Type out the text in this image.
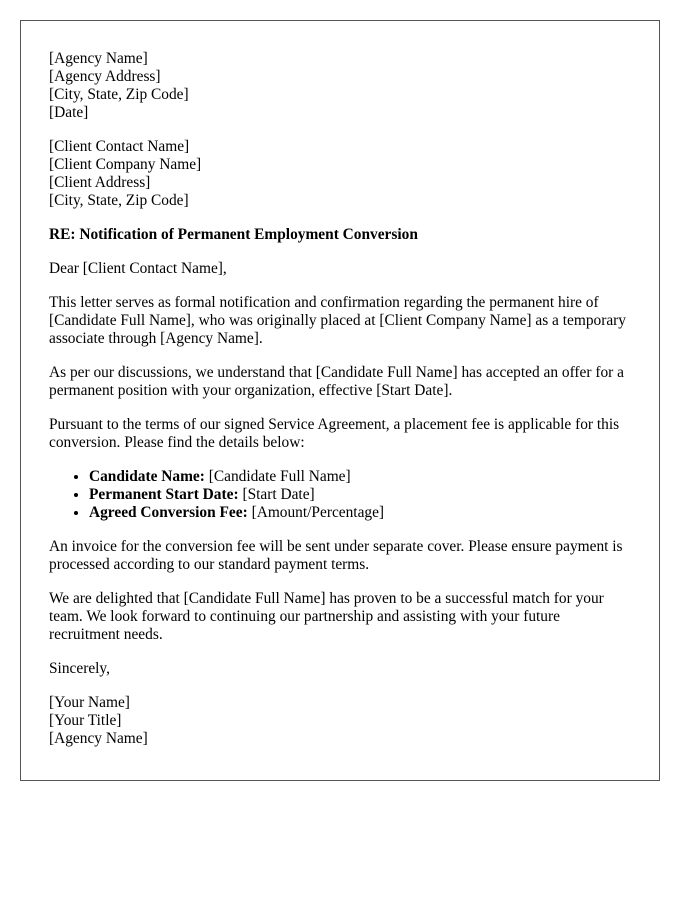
[Agency Name]
[Agency Address]
[City, State, Zip Code]
[Date]
[Client Contact Name]
[Client Company Name]
[Client Address]
[City, State, Zip Code]
RE: Notification of Permanent Employment Conversion

Dear [Client Contact Name],

This letter serves as formal notification and confirmation regarding the permanent hire of [Candidate Full Name], who was originally placed at [Client Company Name] as a temporary associate through [Agency Name].

As per our discussions, we understand that [Candidate Full Name] has accepted an offer for a permanent position with your organization, effective [Start Date].

Pursuant to the terms of our signed Service Agreement, a placement fee is applicable for this conversion. Please find the details below:

• Candidate Name: [Candidate Full Name]
• Permanent Start Date: [Start Date]
• Agreed Conversion Fee: [Amount/Percentage]

An invoice for the conversion fee will be sent under separate cover. Please ensure payment is processed according to our standard payment terms.

We are delighted that [Candidate Full Name] has proven to be a successful match for your team. We look forward to continuing our partnership and assisting with your future recruitment needs.

Sincerely,

[Your Name]
[Your Title]
[Agency Name]
